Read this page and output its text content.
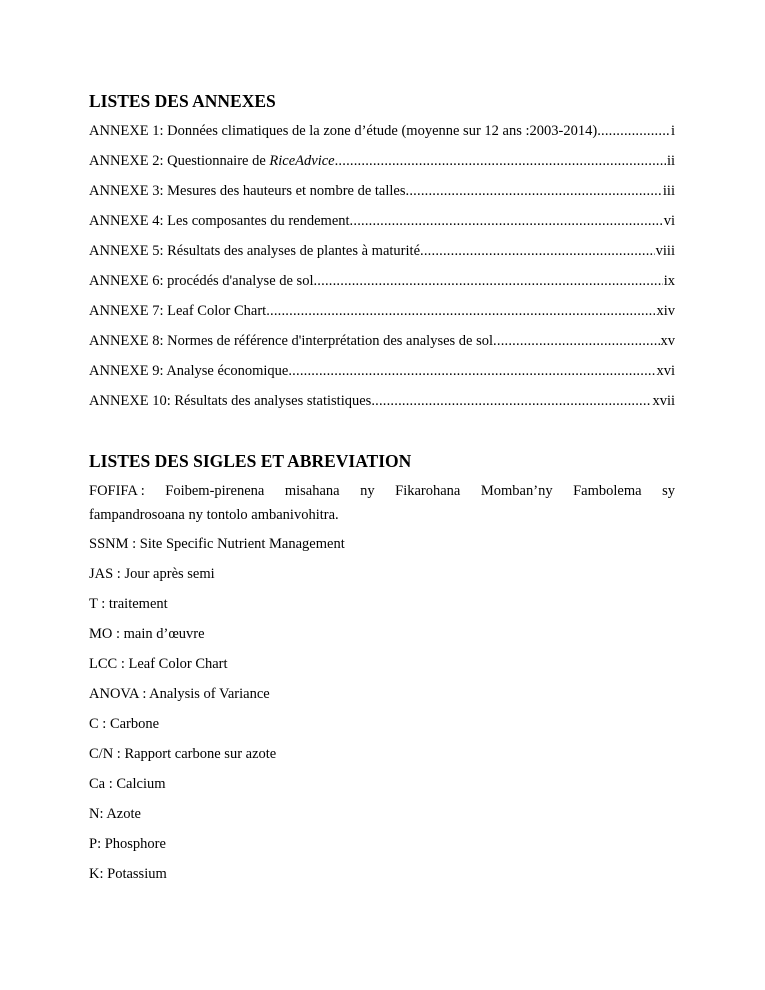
LISTES DES ANNEXES
ANNEXE 1: Données climatiques de la zone d’étude (moyenne sur 12 ans :2003-2014) .....	i
ANNEXE 2: Questionnaire de RiceAdvice .....	ii
ANNEXE 3: Mesures des hauteurs et nombre de talles .....	iii
ANNEXE 4: Les composantes du rendement .....	vi
ANNEXE 5: Résultats des analyses de plantes à maturité .....	viii
ANNEXE 6: procédés d'analyse de sol .....	ix
ANNEXE 7: Leaf Color Chart .....	xiv
ANNEXE 8: Normes de référence d'interprétation des analyses de sol .....	xv
ANNEXE 9: Analyse économique .....	xvi
ANNEXE 10: Résultats des analyses statistiques .....	xvii
LISTES DES SIGLES ET ABREVIATION
FOFIFA : Foibem-pirenena misahana ny Fikarohana Momban’ny Fambolema sy
fampandrosoana ny tontolo ambanivohitra.
SSNM : Site Specific Nutrient Management
JAS : Jour après semi
T : traitement
MO : main d’œuvre
LCC : Leaf Color Chart
ANOVA : Analysis of Variance
C : Carbone
C/N : Rapport carbone sur azote
Ca : Calcium
N: Azote
P: Phosphore
K: Potassium
